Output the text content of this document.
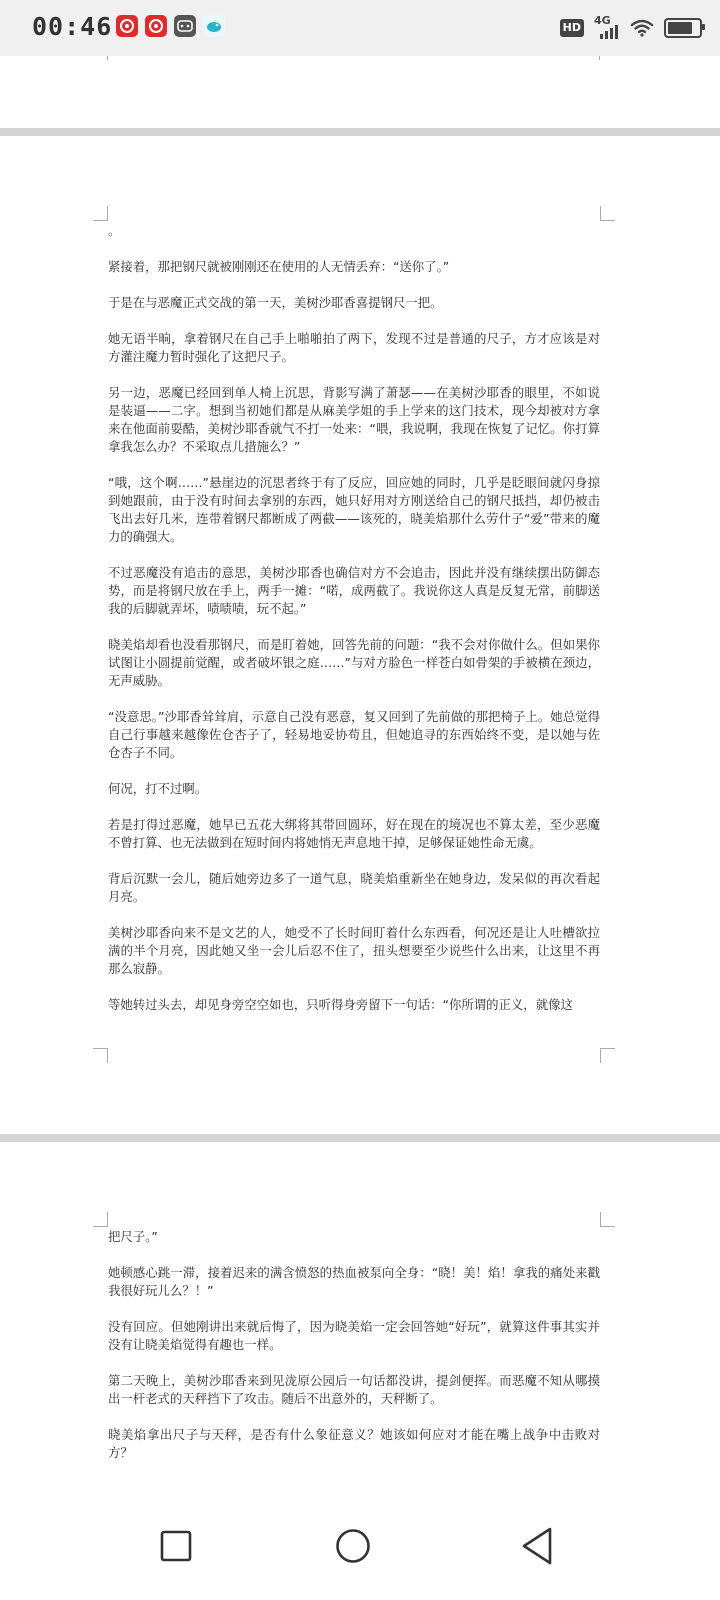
00:46	HD
4G

。

紧接着，那把钢尺就被刚刚还在使用的人无情丢弃：“送你了。”

于是在与恶魔正式交战的第一天，美树沙耶香喜提钢尺一把。

她无语半晌，拿着钢尺在自己手上啪啪拍了两下，发现不过是普通的尺子，方才应该是对方灌注魔力暂时强化了这把尺子。

另一边，恶魔已经回到单人椅上沉思，背影写满了萧瑟——在美树沙耶香的眼里，不如说是装逼——二字。想到当初她们都是从麻美学姐的手上学来的这门技术，现今却被对方拿来在他面前耍酷，美树沙耶香就气不打一处来：“喂，我说啊，我现在恢复了记忆。你打算拿我怎么办？不采取点儿措施么？”

“哦，这个啊……”悬崖边的沉思者终于有了反应，回应她的同时，几乎是眨眼间就闪身掠到她跟前，由于没有时间去拿别的东西，她只好用对方刚送给自己的钢尺抵挡，却仍被击飞出去好几米，连带着钢尺都断成了两截——该死的，晓美焰那什么劳什子“爱”带来的魔力的确强大。

不过恶魔没有追击的意思，美树沙耶香也确信对方不会追击，因此并没有继续摆出防御态势，而是将钢尺放在手上，两手一摊：“喏，成两截了。我说你这人真是反复无常，前脚送我的后脚就弄坏，啧啧啧，玩不起。”

晓美焰却看也没看那钢尺，而是盯着她，回答先前的问题：“我不会对你做什么。但如果你试图让小圆提前觉醒，或者破坏银之庭……”与对方脸色一样苍白如骨架的手被横在颈边，无声威胁。

“没意思。”沙耶香耸耸肩，示意自己没有恶意，复又回到了先前做的那把椅子上。她总觉得自己行事越来越像佐仓杏子了，轻易地妥协苟且，但她追寻的东西始终不变，是以她与佐仓杏子不同。

何况，打不过啊。

若是打得过恶魔，她早已五花大绑将其带回圆环，好在现在的境况也不算太差，至少恶魔不曾打算、也无法做到在短时间内将她悄无声息地干掉，足够保证她性命无虞。

背后沉默一会儿，随后她旁边多了一道气息，晓美焰重新坐在她身边，发呆似的再次看起月亮。

美树沙耶香向来不是文艺的人，她受不了长时间盯着什么东西看，何况还是让人吐槽欲拉满的半个月亮，因此她又坐一会儿后忍不住了，扭头想要至少说些什么出来，让这里不再那么寂静。

等她转过头去，却见身旁空空如也，只听得身旁留下一句话：“你所谓的正义，就像这

把尺子。”

她顿感心跳一滞，接着迟来的满含愤怒的热血被泵向全身：“晓！美！焰！拿我的痛处来戳我很好玩儿么？！”

没有回应。但她刚讲出来就后悔了，因为晓美焰一定会回答她“好玩”，就算这件事其实并没有让晓美焰觉得有趣也一样。

第二天晚上，美树沙耶香来到见泷原公园后一句话都没讲，提剑便挥。而恶魔不知从哪摸出一杆老式的天秤挡下了攻击。随后不出意外的，天秤断了。

晓美焰拿出尺子与天秤，是否有什么象征意义？她该如何应对才能在嘴上战争中击败对方？
